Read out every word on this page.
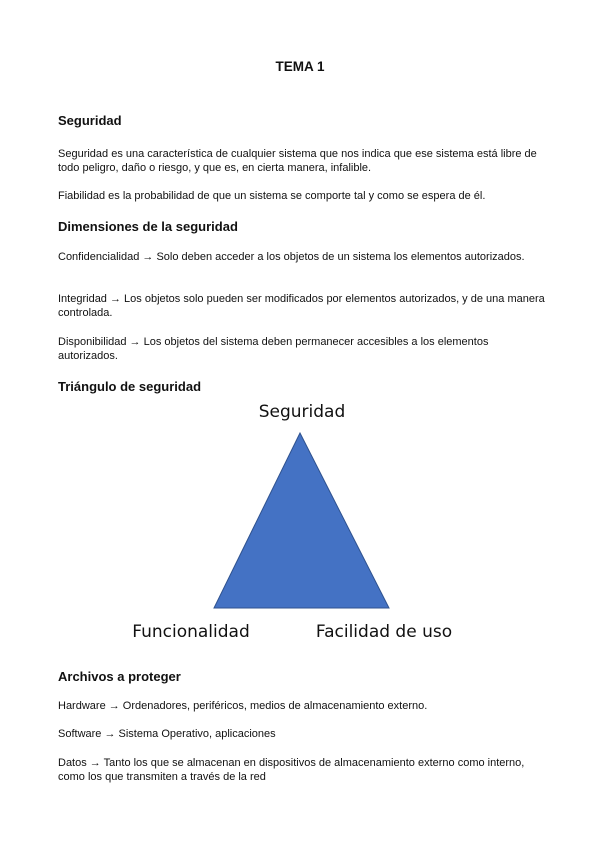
TEMA 1
Seguridad

Seguridad es una característica de cualquier sistema que nos indica que ese sistema está libre de todo peligro, daño o riesgo, y que es, en cierta manera, infalible.

Fiabilidad es la probabilidad de que un sistema se comporte tal y como se espera de él.

Dimensiones de la seguridad

Confidencialidad → Solo deben acceder a los objetos de un sistema los elementos autorizados.

Integridad → Los objetos solo pueden ser modificados por elementos autorizados, y de una manera controlada.

Disponibilidad → Los objetos del sistema deben permanecer accesibles a los elementos autorizados.

Triángulo de seguridad
Seguridad
Funcionalidad	Facilidad de uso
Archivos a proteger

Hardware → Ordenadores, periféricos, medios de almacenamiento externo.

Software → Sistema Operativo, aplicaciones

Datos → Tanto los que se almacenan en dispositivos de almacenamiento externo como interno, como los que transmiten a través de la red
